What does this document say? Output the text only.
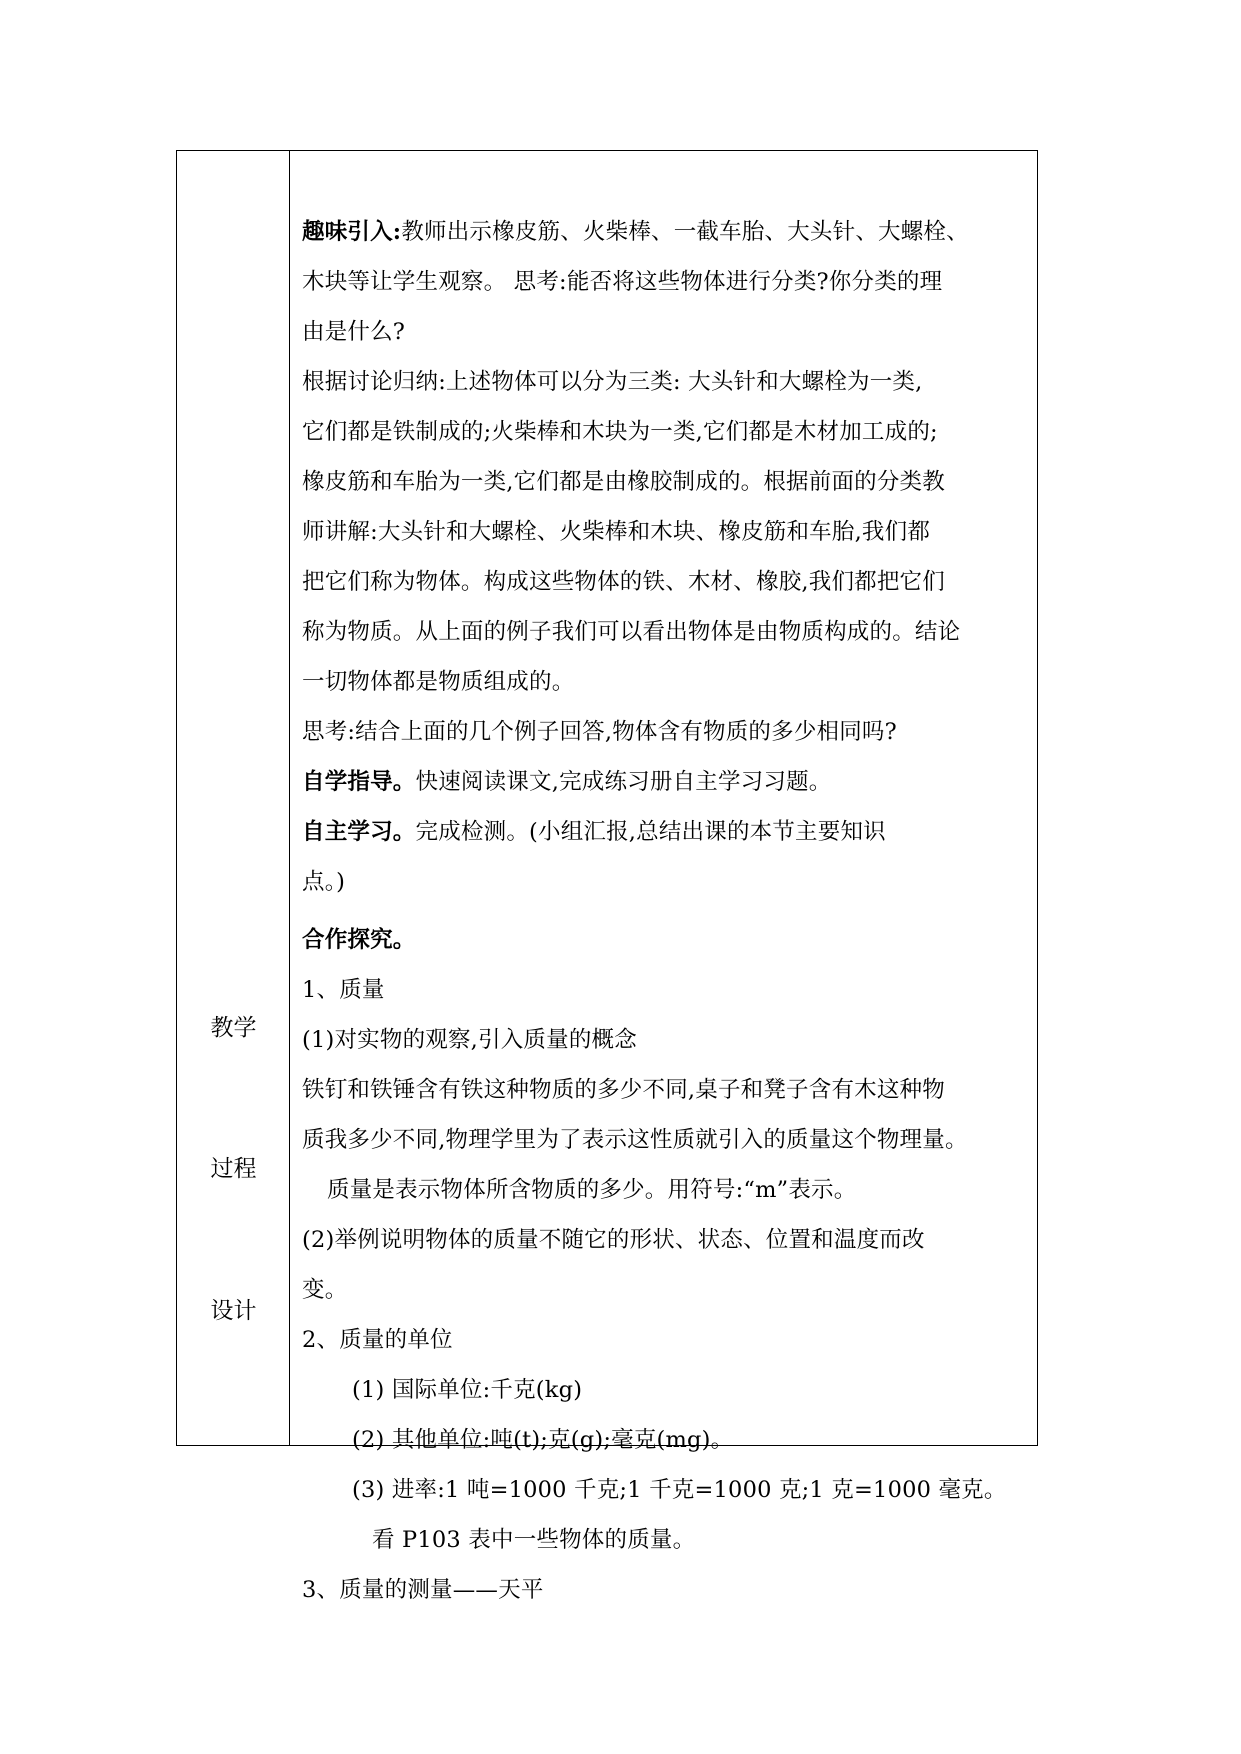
教学
过程
设计
趣味引入:教师出示橡皮筋、火柴棒、一截车胎、大头针、大螺栓、
木块等让学生观察。 思考:能否将这些物体进行分类?你分类的理
由是什么?
根据讨论归纳:上述物体可以分为三类: 大头针和大螺栓为一类,
它们都是铁制成的;火柴棒和木块为一类,它们都是木材加工成的;
橡皮筋和车胎为一类,它们都是由橡胶制成的。根据前面的分类教
师讲解:大头针和大螺栓、火柴棒和木块、橡皮筋和车胎,我们都
把它们称为物体。构成这些物体的铁、木材、橡胶,我们都把它们
称为物质。从上面的例子我们可以看出物体是由物质构成的。结论
一切物体都是物质组成的。
思考:结合上面的几个例子回答,物体含有物质的多少相同吗?
自学指导。快速阅读课文,完成练习册自主学习习题。
自主学习。完成检测。(小组汇报,总结出课的本节主要知识
点。)
合作探究。
1、质量
(1)对实物的观察,引入质量的概念
铁钉和铁锤含有铁这种物质的多少不同,桌子和凳子含有木这种物
质我多少不同,物理学里为了表示这性质就引入的质量这个物理量。
质量是表示物体所含物质的多少。用符号:“m”表示。
(2)举例说明物体的质量不随它的形状、状态、位置和温度而改
变。
2、质量的单位
(1) 国际单位:千克(kg)
(2) 其他单位:吨(t);克(g);毫克(mg)。
(3) 进率:1 吨=1000 千克;1 千克=1000 克;1 克=1000 毫克。
看 P103 表中一些物体的质量。
3、质量的测量——天平
